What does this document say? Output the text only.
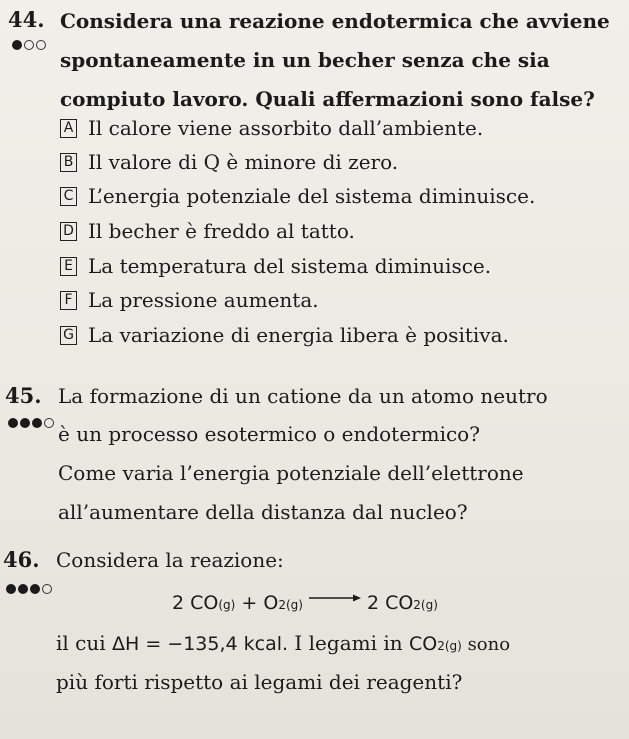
44. Considera una reazione endotermica che avviene
spontaneamente in un becher senza che sia
compiuto lavoro. Quali affermazioni sono false?
A Il calore viene assorbito dall’ambiente.
B Il valore di Q è minore di zero.
C L’energia potenziale del sistema diminuisce.
D Il becher è freddo al tatto.
E La temperatura del sistema diminuisce.
F La pressione aumenta.
G La variazione di energia libera è positiva.
45. La formazione di un catione da un atomo neutro
è un processo esotermico o endotermico?
Come varia l’energia potenziale dell’elettrone
all’aumentare della distanza dal nucleo?
46. Considera la reazione:
2 CO (g) + O 2(g) → 2 CO 2(g)
il cui ΔH = −135,4 kcal. I legami in CO 2(g) sono
più forti rispetto ai legami dei reagenti?
